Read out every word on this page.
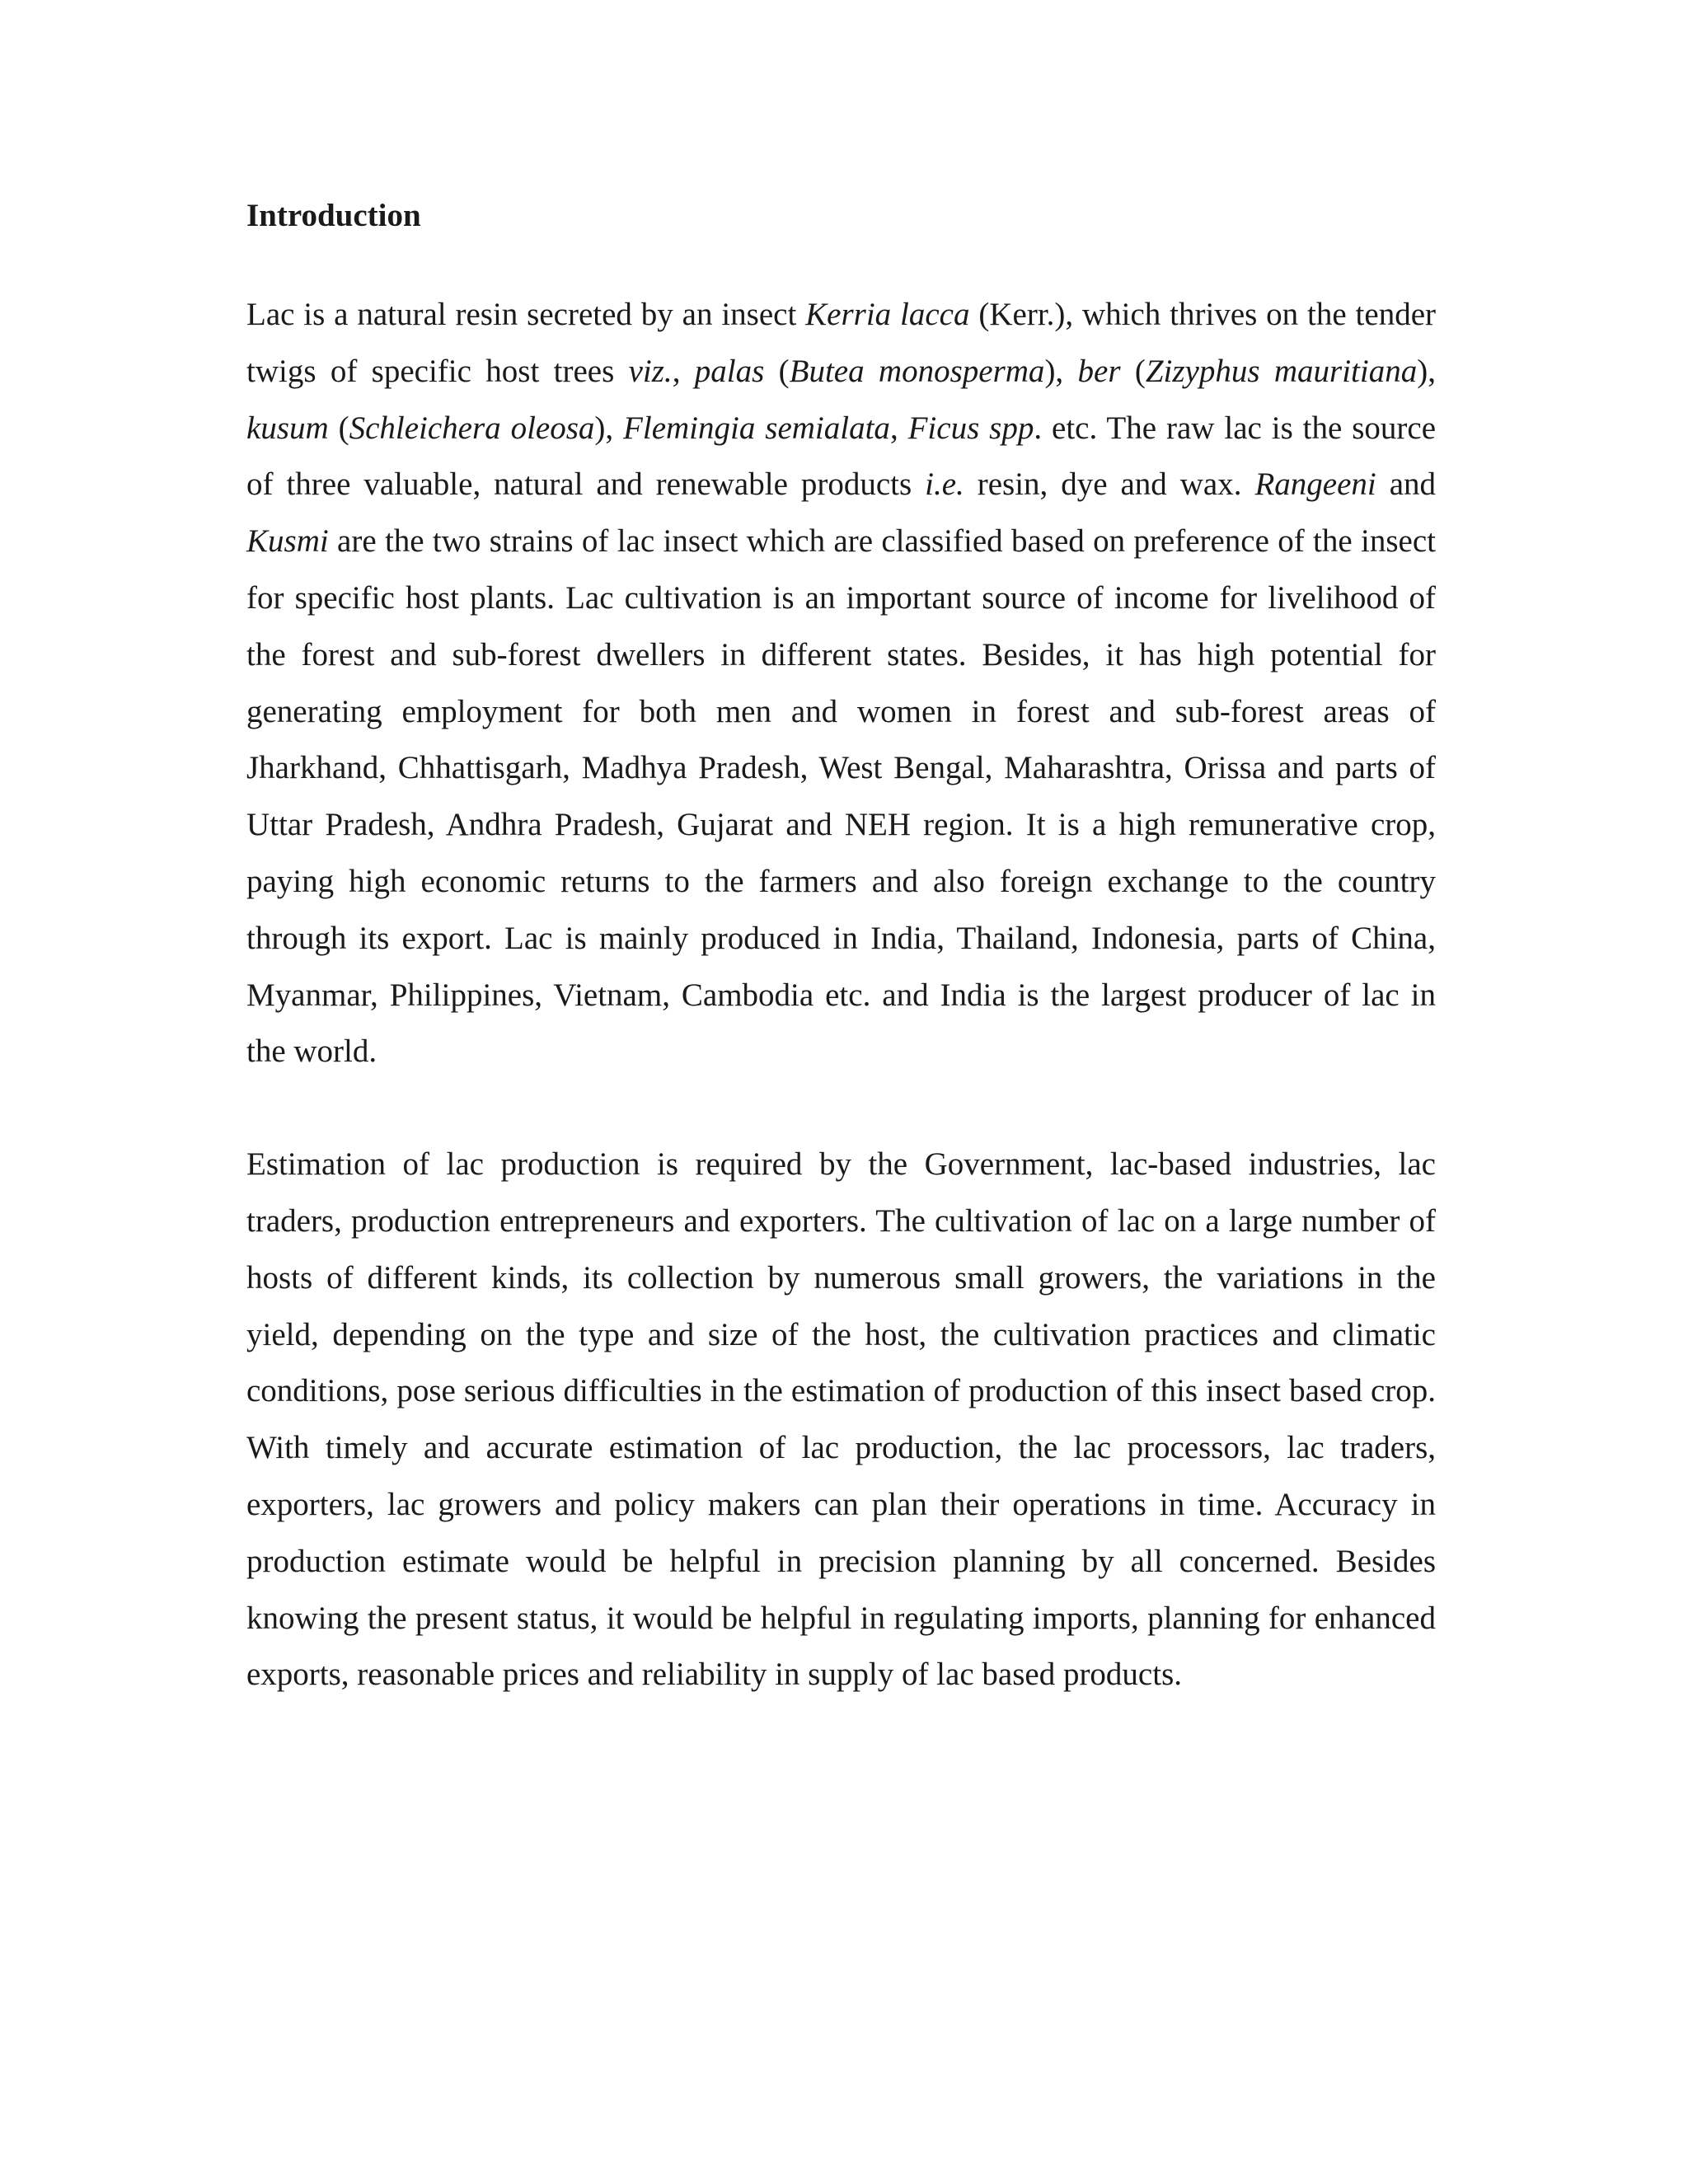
Introduction

Lac is a natural resin secreted by an insect Kerria lacca (Kerr.), which thrives on the tender twigs of specific host trees viz., palas (Butea monosperma), ber (Zizyphus mauritiana), kusum (Schleichera oleosa), Flemingia semialata, Ficus spp. etc. The raw lac is the source of three valuable, natural and renewable products i.e. resin, dye and wax. Rangeeni and Kusmi are the two strains of lac insect which are classified based on preference of the insect for specific host plants. Lac cultivation is an important source of income for livelihood of the forest and sub-forest dwellers in different states. Besides, it has high potential for generating employment for both men and women in forest and sub-forest areas of Jharkhand, Chhattisgarh, Madhya Pradesh, West Bengal, Maharashtra, Orissa and parts of Uttar Pradesh, Andhra Pradesh, Gujarat and NEH region. It is a high remunerative crop, paying high economic returns to the farmers and also foreign exchange to the country through its export. Lac is mainly produced in India, Thailand, Indonesia, parts of China, Myanmar, Philippines, Vietnam, Cambodia etc. and India is the largest producer of lac in the world.

Estimation of lac production is required by the Government, lac-based industries, lac traders, production entrepreneurs and exporters. The cultivation of lac on a large number of hosts of different kinds, its collection by numerous small growers, the variations in the yield, depending on the type and size of the host, the cultivation practices and climatic conditions, pose serious difficulties in the estimation of production of this insect based crop. With timely and accurate estimation of lac production, the lac processors, lac traders, exporters, lac growers and policy makers can plan their operations in time. Accuracy in production estimate would be helpful in precision planning by all concerned. Besides knowing the present status, it would be helpful in regulating imports, planning for enhanced exports, reasonable prices and reliability in supply of lac based products.
